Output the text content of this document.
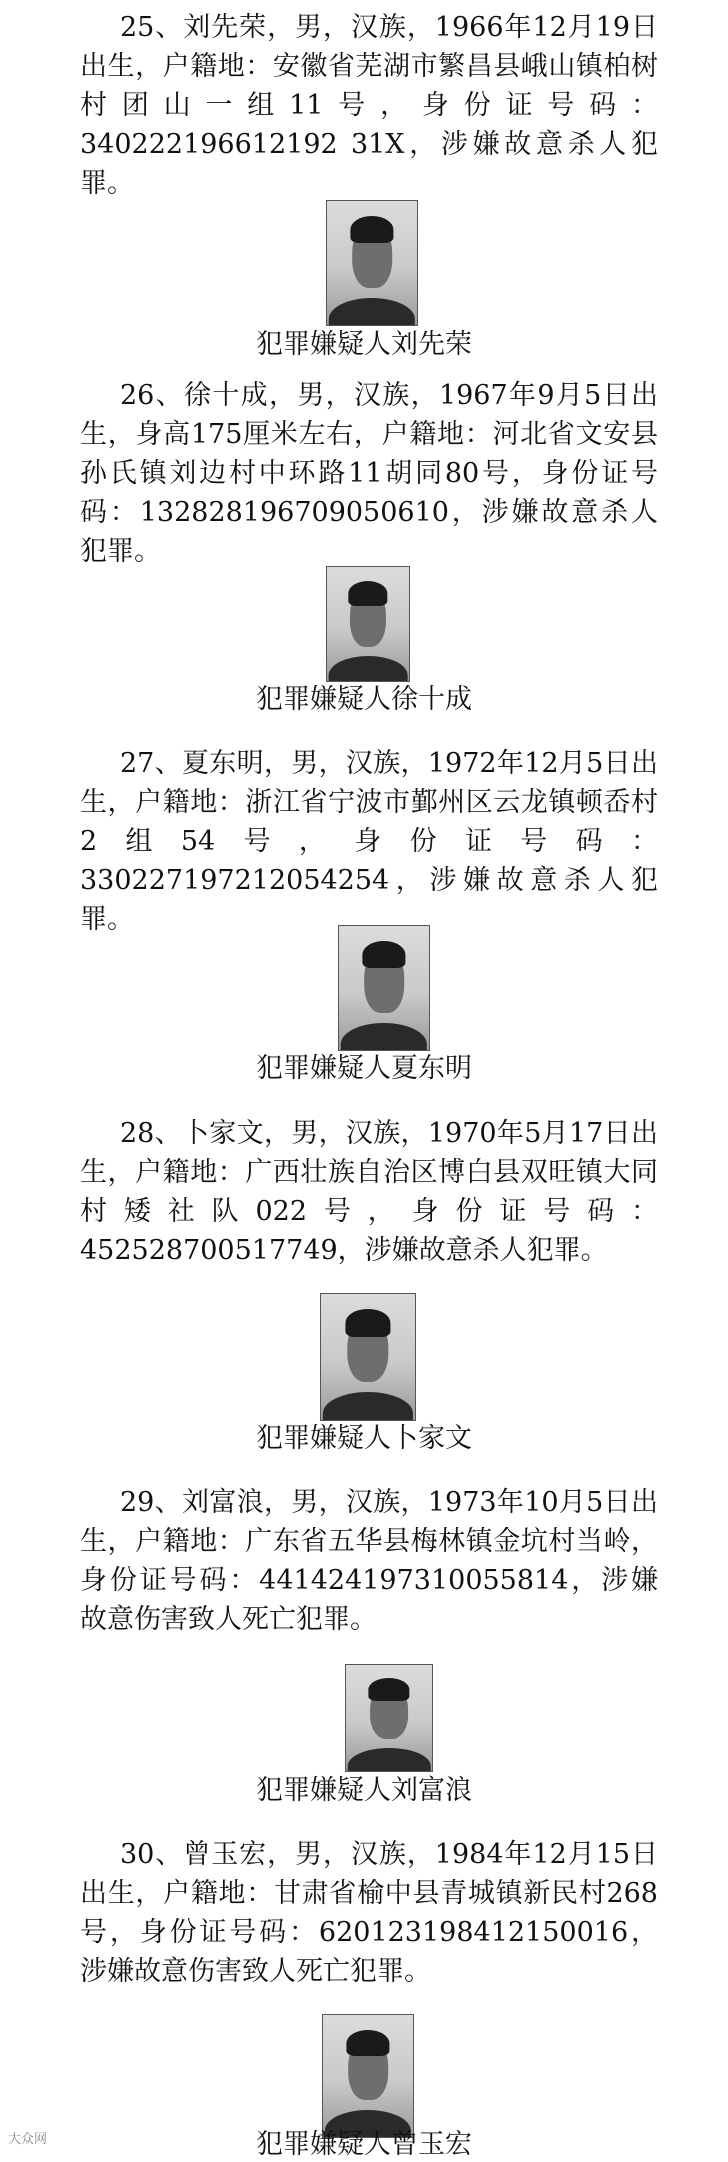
25、刘先荣，男，汉族，1966年12月19日出生，户籍地：安徽省芜湖市繁昌县峨山镇柏树村团山一组11号，身份证号码：340222196612192 31X，涉嫌故意杀人犯罪。

犯罪嫌疑人刘先荣

26、徐十成，男，汉族，1967年9月5日出生，身高175厘米左右，户籍地：河北省文安县孙氏镇刘边村中环路11胡同80号，身份证号码：132828196709050610，涉嫌故意杀人犯罪。

犯罪嫌疑人徐十成

27、夏东明，男，汉族，1972年12月5日出生，户籍地：浙江省宁波市鄞州区云龙镇顿岙村2组54号，身份证号码：330227197212054254，涉嫌故意杀人犯罪。

犯罪嫌疑人夏东明

28、卜家文，男，汉族，1970年5月17日出生，户籍地：广西壮族自治区博白县双旺镇大同村矮社队022号，身份证号码：452528700517749，涉嫌故意杀人犯罪。

犯罪嫌疑人卜家文

29、刘富浪，男，汉族，1973年10月5日出生，户籍地：广东省五华县梅林镇金坑村当岭，身份证号码：441424197310055814，涉嫌故意伤害致人死亡犯罪。

犯罪嫌疑人刘富浪

30、曾玉宏，男，汉族，1984年12月15日出生，户籍地：甘肃省榆中县青城镇新民村268号，身份证号码：620123198412150016，涉嫌故意伤害致人死亡犯罪。

犯罪嫌疑人曾玉宏
大众网
